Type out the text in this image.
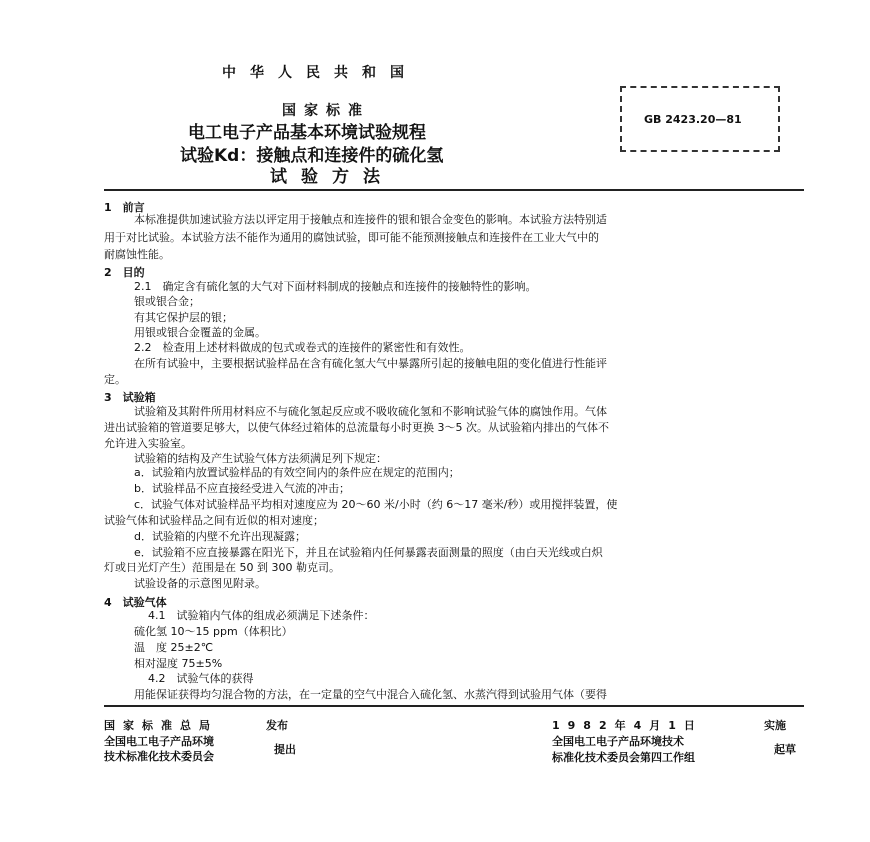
中华人民共和国
国家标准
电工电子产品基本环境试验规程
试验Kd：接触点和连接件的硫化氢
试验方法
GB 2423.20—81
1　前言
本标准提供加速试验方法以评定用于接触点和连接件的银和银合金变色的影响。本试验方法特别适
用于对比试验。本试验方法不能作为通用的腐蚀试验，即可能不能预测接触点和连接件在工业大气中的
耐腐蚀性能。
2　目的
2.1　确定含有硫化氢的大气对下面材料制成的接触点和连接件的接触特性的影响。
银或银合金；
有其它保护层的银；
用银或银合金覆盖的金属。
2.2　检查用上述材料做成的包式或卷式的连接件的紧密性和有效性。
在所有试验中，主要根据试验样品在含有硫化氢大气中暴露所引起的接触电阻的变化值进行性能评
定。
3　试验箱
试验箱及其附件所用材料应不与硫化氢起反应或不吸收硫化氢和不影响试验气体的腐蚀作用。气体
进出试验箱的管道要足够大，以使气体经过箱体的总流量每小时更换 3～5 次。从试验箱内排出的气体不
允许进入实验室。
试验箱的结构及产生试验气体方法须满足列下规定：
a．试验箱内放置试验样品的有效空间内的条件应在规定的范围内；
b．试验样品不应直接经受进入气流的冲击；
c．试验气体对试验样品平均相对速度应为 20～60 米/小时（约 6～17 毫米/秒）或用搅拌装置，使
试验气体和试验样品之间有近似的相对速度；
d．试验箱的内壁不允许出现凝露；
e．试验箱不应直接暴露在阳光下，并且在试验箱内任何暴露表面测量的照度（由白天光线或白炽
灯或日光灯产生）范围是在 50 到 300 勒克司。
试验设备的示意图见附录。
4　试验气体
4.1　试验箱内气体的组成必须满足下述条件：
硫化氢 10～15 ppm（体积比）
温　度 25±2℃
相对湿度 75±5%
4.2　试验气体的获得
用能保证获得均匀混合物的方法，在一定量的空气中混合入硫化氢、水蒸汽得到试验用气体（要得
国家标准总局	发布
全国电工电子产品环境
技术标准化技术委员会
提出
1982年4月1日	实施
全国电工电子产品环境技术
标准化技术委员会第四工作组
起草
